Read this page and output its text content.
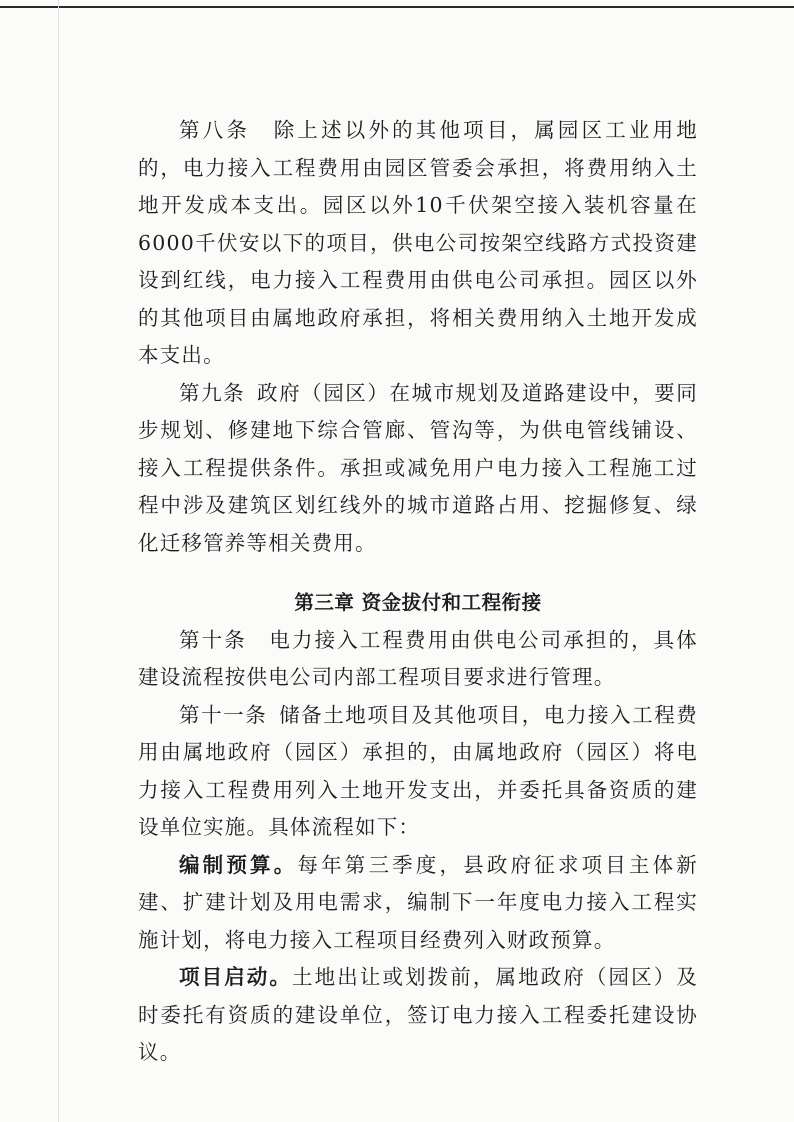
第八条  除上述以外的其他项目，属园区工业用地的，电力接入工程费用由园区管委会承担，将费用纳入土地开发成本支出。园区以外10千伏架空接入装机容量在6000千伏安以下的项目，供电公司按架空线路方式投资建设到红线，电力接入工程费用由供电公司承担。园区以外的其他项目由属地政府承担，将相关费用纳入土地开发成本支出。

第九条  政府（园区）在城市规划及道路建设中，要同步规划、修建地下综合管廊、管沟等，为供电管线铺设、接入工程提供条件。承担或减免用户电力接入工程施工过程中涉及建筑区划红线外的城市道路占用、挖掘修复、绿化迁移管养等相关费用。

第三章 资金拔付和工程衔接

第十条  电力接入工程费用由供电公司承担的，具体建设流程按供电公司内部工程项目要求进行管理。

第十一条  储备土地项目及其他项目，电力接入工程费用由属地政府（园区）承担的，由属地政府（园区）将电力接入工程费用列入土地开发支出，并委托具备资质的建设单位实施。具体流程如下：

编制预算。每年第三季度，县政府征求项目主体新建、扩建计划及用电需求，编制下一年度电力接入工程实施计划，将电力接入工程项目经费列入财政预算。

项目启动。土地出让或划拨前，属地政府（园区）及时委托有资质的建设单位，签订电力接入工程委托建设协议。
